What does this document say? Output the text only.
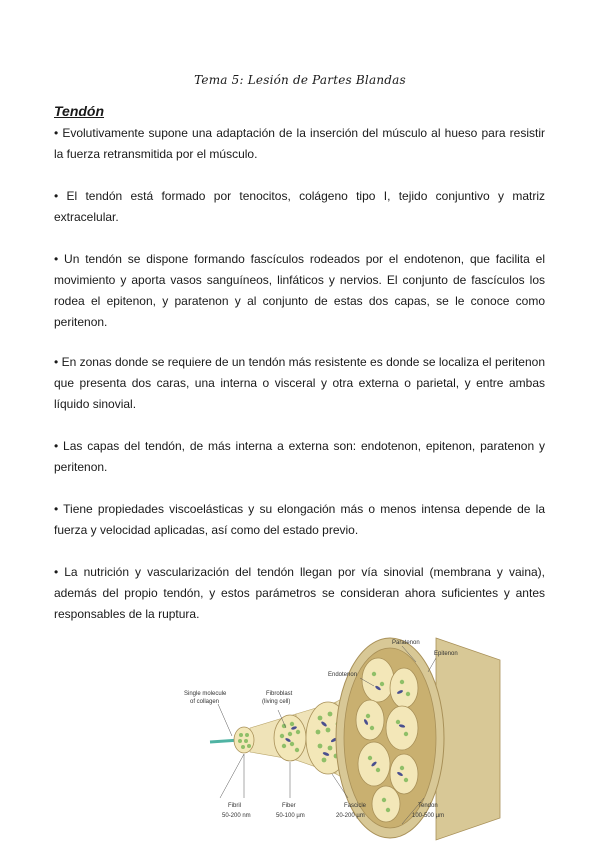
Tema 5: Lesión de Partes Blandas
Tendón

• Evolutivamente supone una adaptación de la inserción del músculo al hueso para resistir la fuerza retransmitida por el músculo.

• El tendón está formado por tenocitos, colágeno tipo I, tejido conjuntivo y matriz extracelular.

• Un tendón se dispone formando fascículos rodeados por el endotenon, que facilita el movimiento y aporta vasos sanguíneos, linfáticos y nervios. El conjunto de fascículos los rodea el epitenon, y paratenon y al conjunto de estas dos capas, se le conoce como peritenon.

• En zonas donde se requiere de un tendón más resistente es donde se localiza el peritenon que presenta dos caras, una interna o visceral y otra externa o parietal, y entre ambas líquido sinovial.

• Las capas del tendón, de más interna a externa son: endotenon, epitenon, paratenon y peritenon.

• Tiene propiedades viscoelásticas y su elongación más o menos intensa depende de la fuerza y velocidad aplicadas, así como del estado previo.

• La nutrición y vascularización del tendón llegan por vía sinovial (membrana y vaina), además del propio tendón, y estos parámetros se consideran ahora suficientes y antes responsables de la ruptura.

Paratenon
Epitenon
Endotenon
Single molecule
of collagen
Fibroblast
(living cell)
Fibril
50-200 nm
Fiber
50-100 µm
Fascicle
20-200 µm
Tendon
100-500 µm
